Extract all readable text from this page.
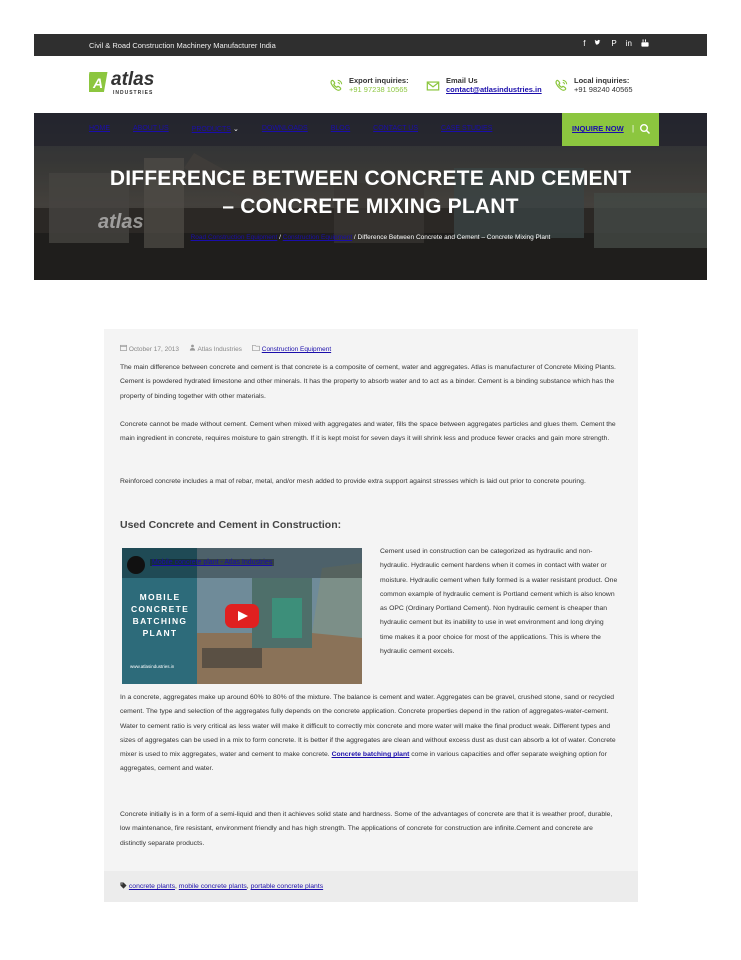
Civil & Road Construction Machinery Manufacturer India	f	P in
A atlas
INDUSTRIES
Export inquiries:
+91 97238 10565
Email Us
contact@atlasindustries.in
Local inquiries:
+91 98240 40565
atlas
HOME	ABOUT US	PRODUCTS ⌄	DOWNLOADS	BLOG	CONTACT US	CASE STUDIES	INQUIRE NOW |
DIFFERENCE BETWEEN CONCRETE AND CEMENT
– CONCRETE MIXING PLANT
Road Construction Equipment / Construction Equipment / Difference Between Concrete and Cement – Concrete Mixing Plant
October 17, 2013	Atlas Industries	Construction Equipment

The main difference between concrete and cement is that concrete is a composite of cement, water and aggregates. Atlas is manufacturer of Concrete Mixing Plants. Cement is powdered hydrated limestone and other minerals. It has the property to absorb water and to act as a binder. Cement is a binding substance which has the property of binding together with other materials.

Concrete cannot be made without cement. Cement when mixed with aggregates and water, fills the space between aggregates particles and glues them. Cement the main ingredient in concrete, requires moisture to gain strength. If it is kept moist for seven days it will shrink less and produce fewer cracks and gain more strength.

Reinforced concrete includes a mat of rebar, metal, and/or mesh added to provide extra support against stresses which is laid out prior to concrete pouring.

Used Concrete and Cement in Construction:
Mobile concrete plant - Atlas Industries
MOBILE CONCRETE BATCHING PLANT
www.atlasindustries.in

Cement used in construction can be categorized as hydraulic and non-hydraulic. Hydraulic cement hardens when it comes in contact with water or moisture. Hydraulic cement when fully formed is a water resistant product. One common example of hydraulic cement is Portland cement which is also known as OPC (Ordinary Portland Cement). Non hydraulic cement is cheaper than hydraulic cement but its inability to use in wet environment and long drying time makes it a poor choice for most of the applications. This is where the hydraulic cement excels.

In a concrete, aggregates make up around 60% to 80% of the mixture. The balance is cement and water. Aggregates can be gravel, crushed stone, sand or recycled cement. The type and selection of the aggregates fully depends on the concrete application. Concrete properties depend in the ration of aggregates-water-cement. Water to cement ratio is very critical as less water will make it difficult to correctly mix concrete and more water will make the final product weak. Different types and sizes of aggregates can be used in a mix to form concrete. It is better if the aggregates are clean and without excess dust as dust can absorb a lot of water. Concrete mixer is used to mix aggregates, water and cement to make concrete. Concrete batching plant come in various capacities and offer separate weighing option for aggregates, cement and water.

Concrete initially is in a form of a semi-liquid and then it achieves solid state and hardness. Some of the advantages of concrete are that it is weather proof, durable, low maintenance, fire resistant, environment friendly and has high strength. The applications of concrete for construction are infinite.Cement and concrete are distinctly separate products.

concrete plants, mobile concrete plants, portable concrete plants
